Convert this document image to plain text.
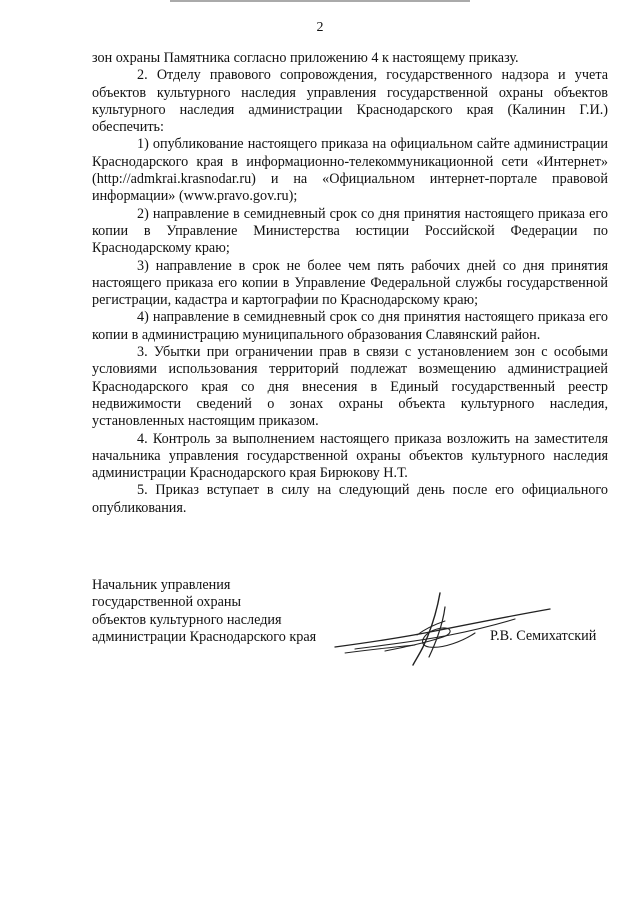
2

зон охраны Памятника согласно приложению 4 к настоящему приказу.

2. Отделу правового сопровождения, государственного надзора и учета объектов культурного наследия управления государственной охраны объектов культурного наследия администрации Краснодарского края (Калинин Г.И.) обеспечить:

1) опубликование настоящего приказа на официальном сайте администрации Краснодарского края в информационно-телекоммуникационной сети «Интернет» (http://admkrai.krasnodar.ru) и на «Официальном интернет-портале правовой информации» (www.pravo.gov.ru);

2) направление в семидневный срок со дня принятия настоящего приказа его копии в Управление Министерства юстиции Российской Федерации по Краснодарскому краю;

3) направление в срок не более чем пять рабочих дней со дня принятия настоящего приказа его копии в Управление Федеральной службы государственной регистрации, кадастра и картографии по Краснодарскому краю;

4) направление в семидневный срок со дня принятия настоящего приказа его копии в администрацию муниципального образования Славянский район.

3. Убытки при ограничении прав в связи с установлением зон с особыми условиями использования территорий подлежат возмещению администрацией Краснодарского края со дня внесения в Единый государственный реестр недвижимости сведений о зонах охраны объекта культурного наследия, установленных настоящим приказом.

4. Контроль за выполнением настоящего приказа возложить на заместителя начальника управления государственной охраны объектов культурного наследия администрации Краснодарского края Бирюкову Н.Т.

5. Приказ вступает в силу на следующий день после его официального опубликования.

Начальник управления
государственной охраны
объектов культурного наследия
администрации Краснодарского края	Р.В. Семихатский
